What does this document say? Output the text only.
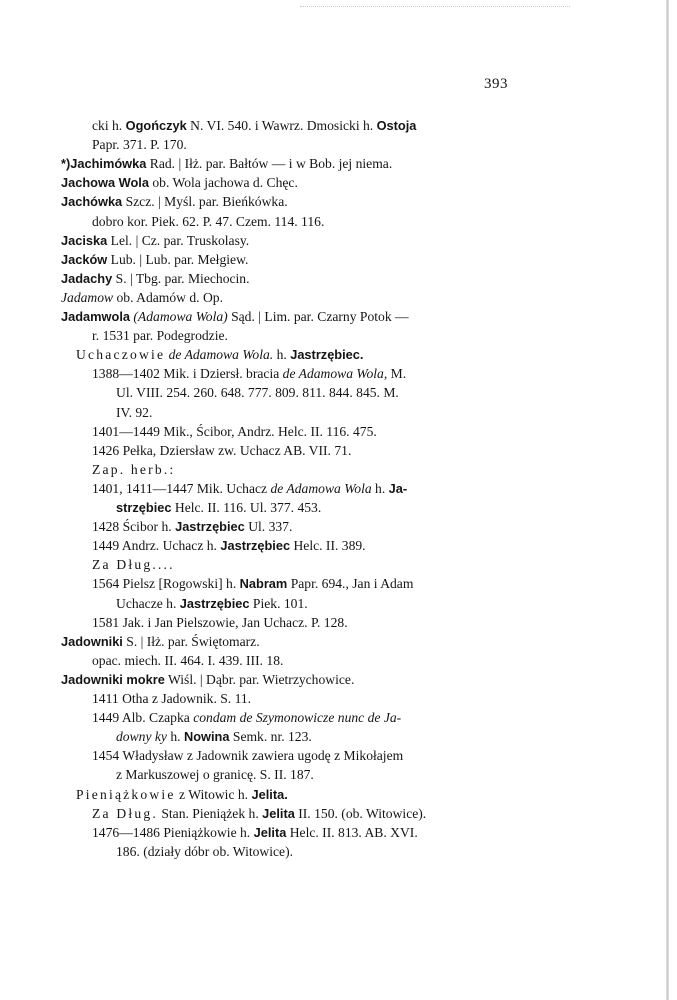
393
cki h. Ogończyk N. VI. 540. i Wawrz. Dmosicki h. Ostoja
Papr. 371. P. 170.
*)Jachimówka Rad. | Iłż. par. Bałtów — i w Bob. jej niema.
Jachowa Wola ob. Wola jachowa d. Chęc.
Jachówka Szcz. | Myśl. par. Bieńkówka.
dobro kor. Piek. 62. P. 47. Czem. 114. 116.
Jaciska Lel. | Cz. par. Truskolasy.
Jacków Lub. | Lub. par. Mełgiew.
Jadachy S. | Tbg. par. Miechocin.
Jadamow ob. Adamów d. Op.
Jadamwola (Adamowa Wola) Sąd. | Lim. par. Czarny Potok —
r. 1531 par. Podegrodzie.
Uchaczowie de Adamowa Wola. h. Jastrzębiec.
1388—1402 Mik. i Dziersł. bracia de Adamowa Wola, M.
Ul. VIII. 254. 260. 648. 777. 809. 811. 844. 845. M.
IV. 92.
1401—1449 Mik., Ścibor, Andrz. Helc. II. 116. 475.
1426 Pełka, Dziersław zw. Uchacz AB. VII. 71.
Zap. herb.:
1401, 1411—1447 Mik. Uchacz de Adamowa Wola h. Ja-
strzębiec Helc. II. 116. Ul. 377. 453.
1428 Ścibor h. Jastrzębiec Ul. 337.
1449 Andrz. Uchacz h. Jastrzębiec Helc. II. 389.
Za Dług....
1564 Pielsz [Rogowski] h. Nabram Papr. 694., Jan i Adam
Uchacze h. Jastrzębiec Piek. 101.
1581 Jak. i Jan Pielszowie, Jan Uchacz. P. 128.
Jadowniki S. | Iłż. par. Świętomarz.
opac. miech. II. 464. I. 439. III. 18.
Jadowniki mokre Wiśl. | Dąbr. par. Wietrzychowice.
1411 Otha z Jadownik. S. 11.
1449 Alb. Czapka condam de Szymonowicze nunc de Ja-
downy ky h. Nowina Semk. nr. 123.
1454 Władysław z Jadownik zawiera ugodę z Mikołajem
z Markuszowej o granicę. S. II. 187.
Pieniążkowie z Witowic h. Jelita.
Za Dług. Stan. Pieniążek h. Jelita II. 150. (ob. Witowice).
1476—1486 Pieniążkowie h. Jelita Helc. II. 813. AB. XVI.
186. (działy dóbr ob. Witowice).
